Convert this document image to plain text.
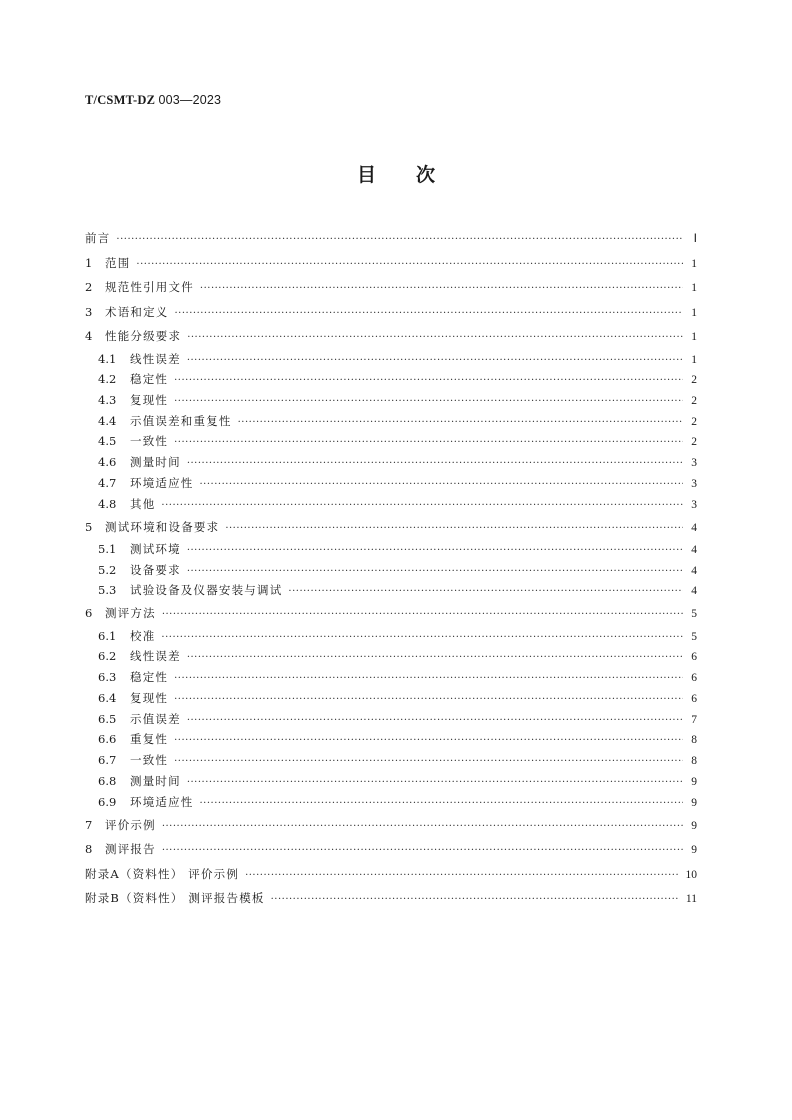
T/CSMT-DZ 003—2023
目次
前言 ·····	Ⅰ
1	范围 ·····	1
2	规范性引用文件 ·····	1
3	术语和定义 ·····	1
4	性能分级要求 ·····	1
4.1	线性误差 ·····	1
4.2	稳定性 ·····	2
4.3	复现性 ·····	2
4.4	示值误差和重复性 ·····	2
4.5	一致性 ·····	2
4.6	测量时间 ·····	3
4.7	环境适应性 ·····	3
4.8	其他 ·····	3
5	测试环境和设备要求 ·····	4
5.1	测试环境 ·····	4
5.2	设备要求 ·····	4
5.3	试验设备及仪器安装与调试 ·····	4
6	测评方法 ·····	5
6.1	校准 ·····	5
6.2	线性误差 ·····	6
6.3	稳定性 ·····	6
6.4	复现性 ·····	6
6.5	示值误差 ·····	7
6.6	重复性 ·····	8
6.7	一致性 ·····	8
6.8	测量时间 ·····	9
6.9	环境适应性 ·····	9
7	评价示例 ·····	9
8	测评报告 ·····	9
附录A（资料性） 评价示例 ·····	10
附录B（资料性） 测评报告模板 ·····	11
